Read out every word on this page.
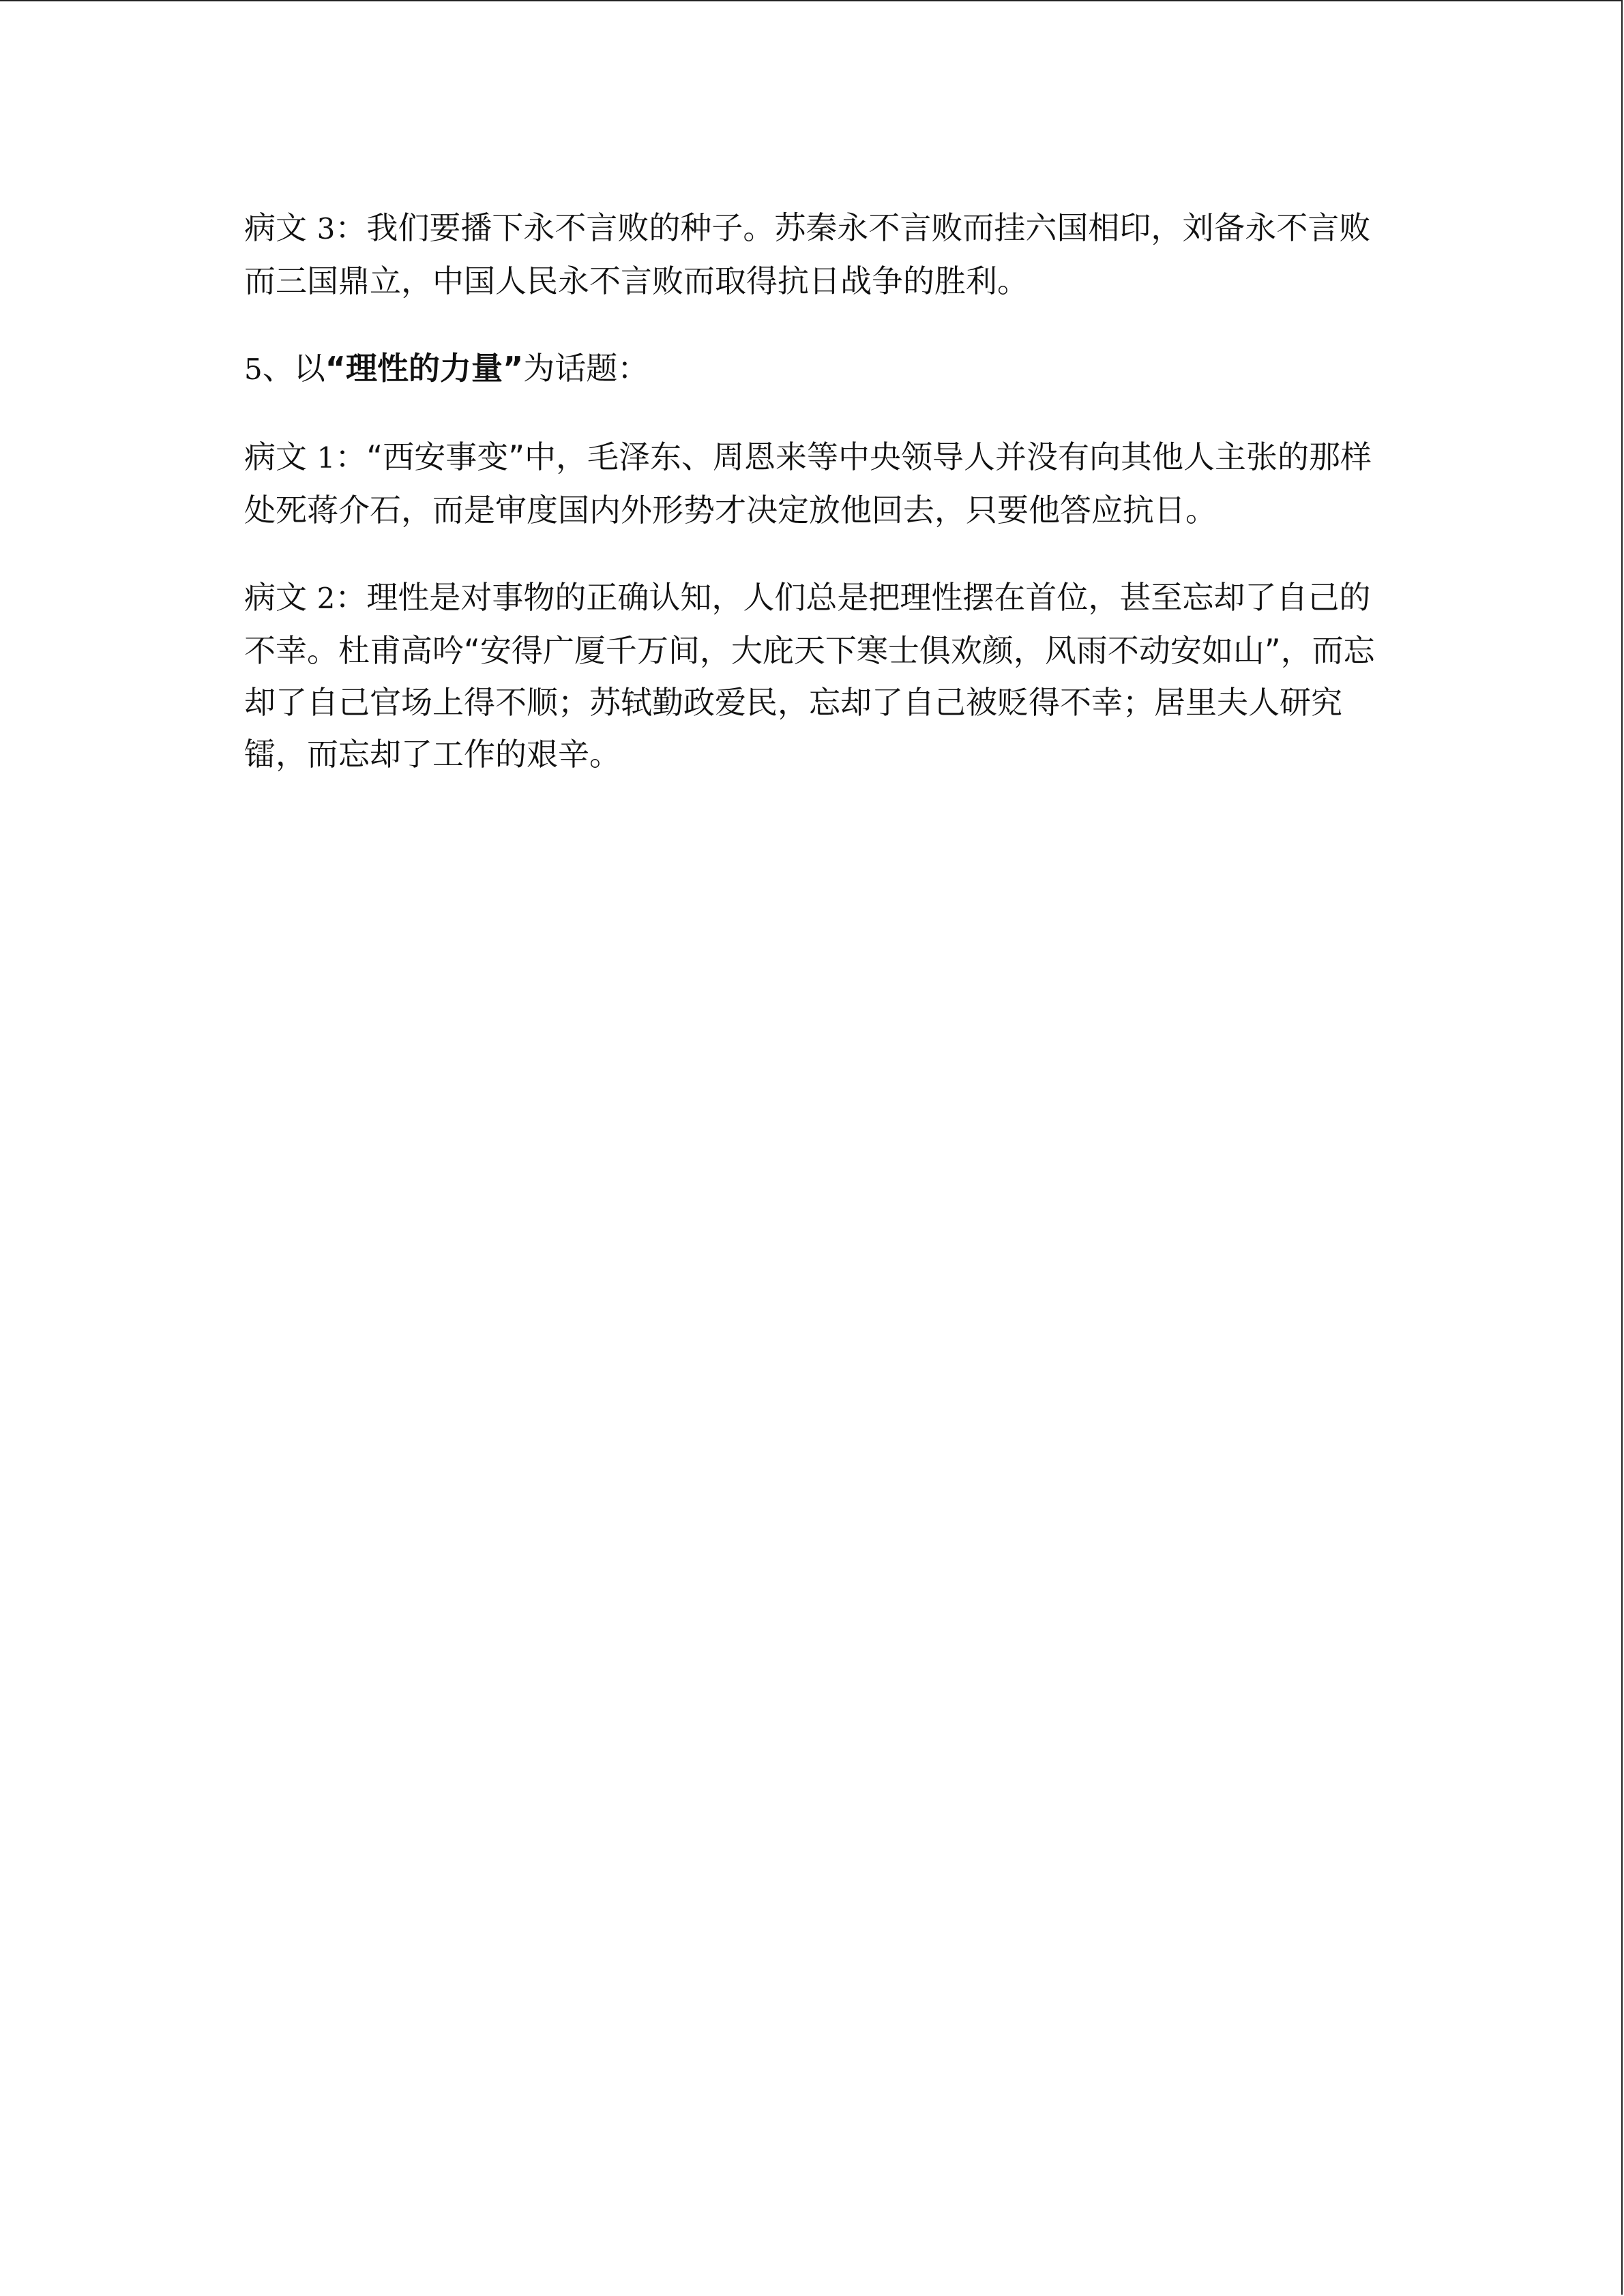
病文 3：我们要播下永不言败的种子。苏秦永不言败而挂六国相印，刘备永不言败而三国鼎立，中国人民永不言败而取得抗日战争的胜利。

5、以“理性的力量”为话题：

病文 1：“西安事变”中，毛泽东、周恩来等中央领导人并没有向其他人主张的那样处死蒋介石，而是审度国内外形势才决定放他回去，只要他答应抗日。

病文 2：理性是对事物的正确认知，人们总是把理性摆在首位，甚至忘却了自己的不幸。杜甫高吟“安得广厦千万间，大庇天下寒士俱欢颜，风雨不动安如山”，而忘却了自己官场上得不顺；苏轼勤政爱民，忘却了自己被贬得不幸；居里夫人研究镭，而忘却了工作的艰辛。
